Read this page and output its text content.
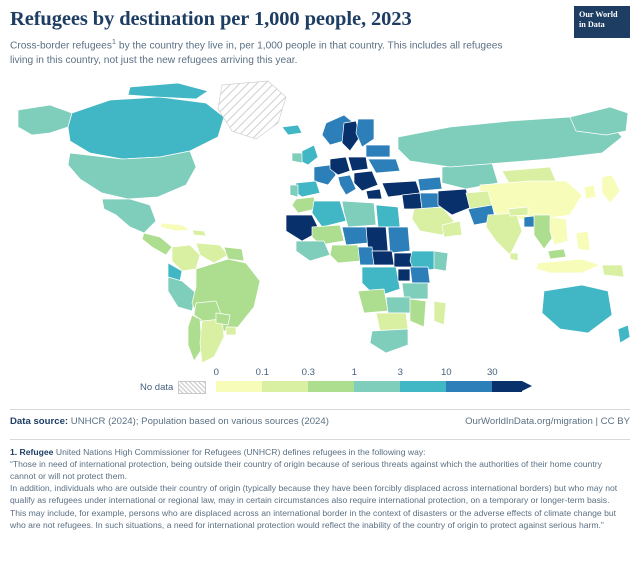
Refugees by destination per 1,000 people, 2023

Cross-border refugees$^1$ by the country they live in, per 1,000 people in that country. This includes all refugees
living in this country, not just the new refugees arriving this year.

Our World
in Data
No data
0	0.1	0.3	1	3	10	30
Data source: UNHCR (2024); Population based on various sources (2024)	OurWorldInData.org/migration | CC BY

1. Refugee United Nations High Commissioner for Refugees (UNHCR) defines refugees in the following way:

“Those in need of international protection, being outside their country of origin because of serious threats against which the authorities of their home country cannot or will not protect them.

In addition, individuals who are outside their country of origin (typically because they have been forcibly displaced across international borders) but who may not qualify as refugees under international or regional law, may in certain circumstances also require international protection, on a temporary or longer-term basis.

This may include, for example, persons who are displaced across an international border in the context of disasters or the adverse effects of climate change but who are not refugees. In such situations, a need for international protection would reflect the inability of the country of origin to protect against serious harm.”
